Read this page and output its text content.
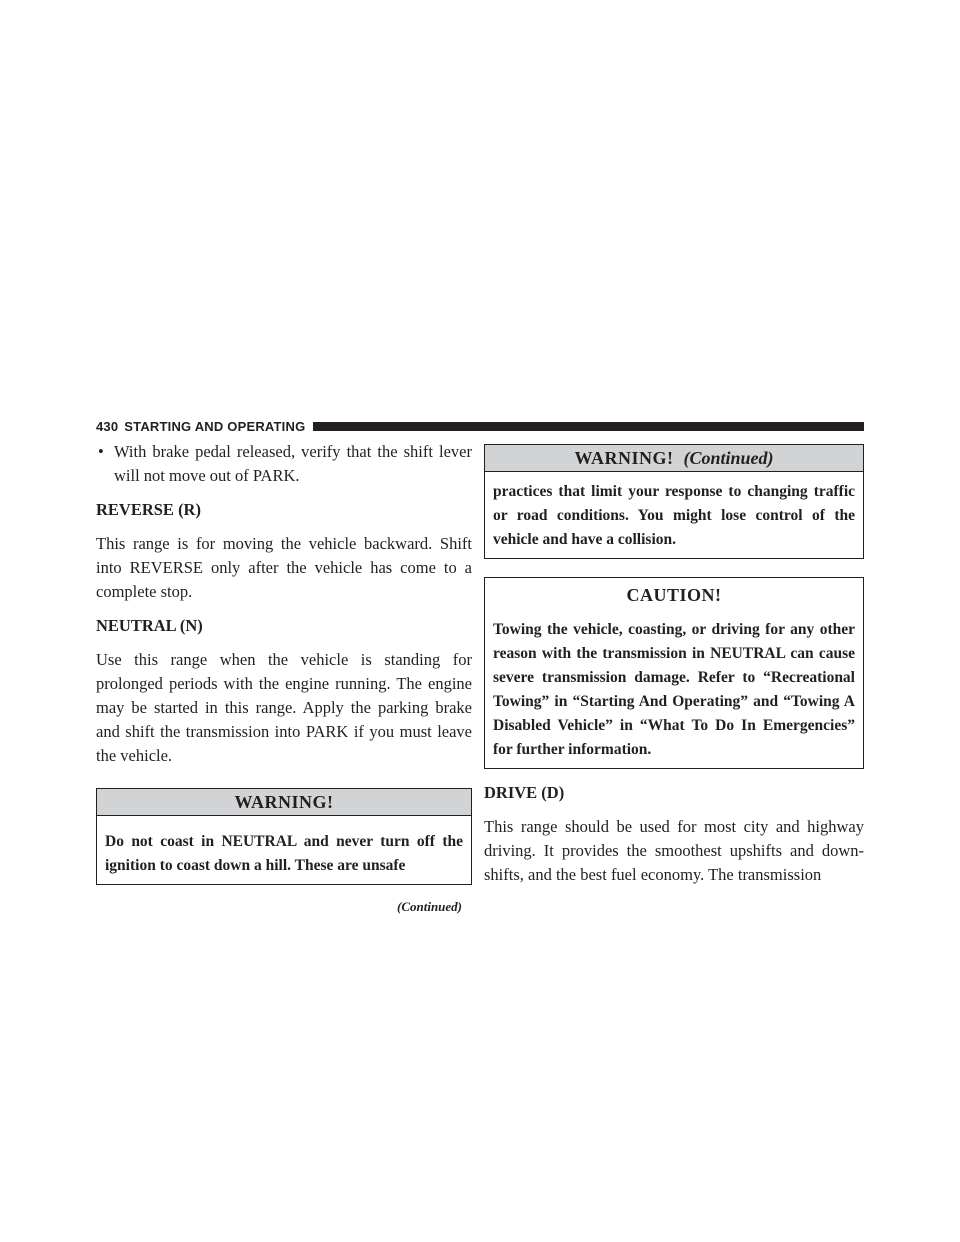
430 STARTING AND OPERATING
• With brake pedal released, verify that the shift lever will not move out of PARK.
REVERSE (R)

This range is for moving the vehicle backward. Shift into REVERSE only after the vehicle has come to a complete stop.

NEUTRAL (N)

Use this range when the vehicle is standing for prolonged periods with the engine running. The engine may be started in this range. Apply the parking brake and shift the transmission into PARK if you must leave the vehicle.

WARNING!
Do not coast in NEUTRAL and never turn off the ignition to coast down a hill. These are unsafe
(Continued)
WARNING! (Continued)
practices that limit your response to changing traffic or road conditions. You might lose control of the vehicle and have a collision.
CAUTION!
Towing the vehicle, coasting, or driving for any other reason with the transmission in NEUTRAL can cause severe transmission damage. Refer to “Recreational Towing” in “Starting And Operating” and “Towing A Disabled Vehicle” in “What To Do In Emergencies” for further information.
DRIVE (D)

This range should be used for most city and highway driving. It provides the smoothest upshifts and down-shifts, and the best fuel economy. The transmission
